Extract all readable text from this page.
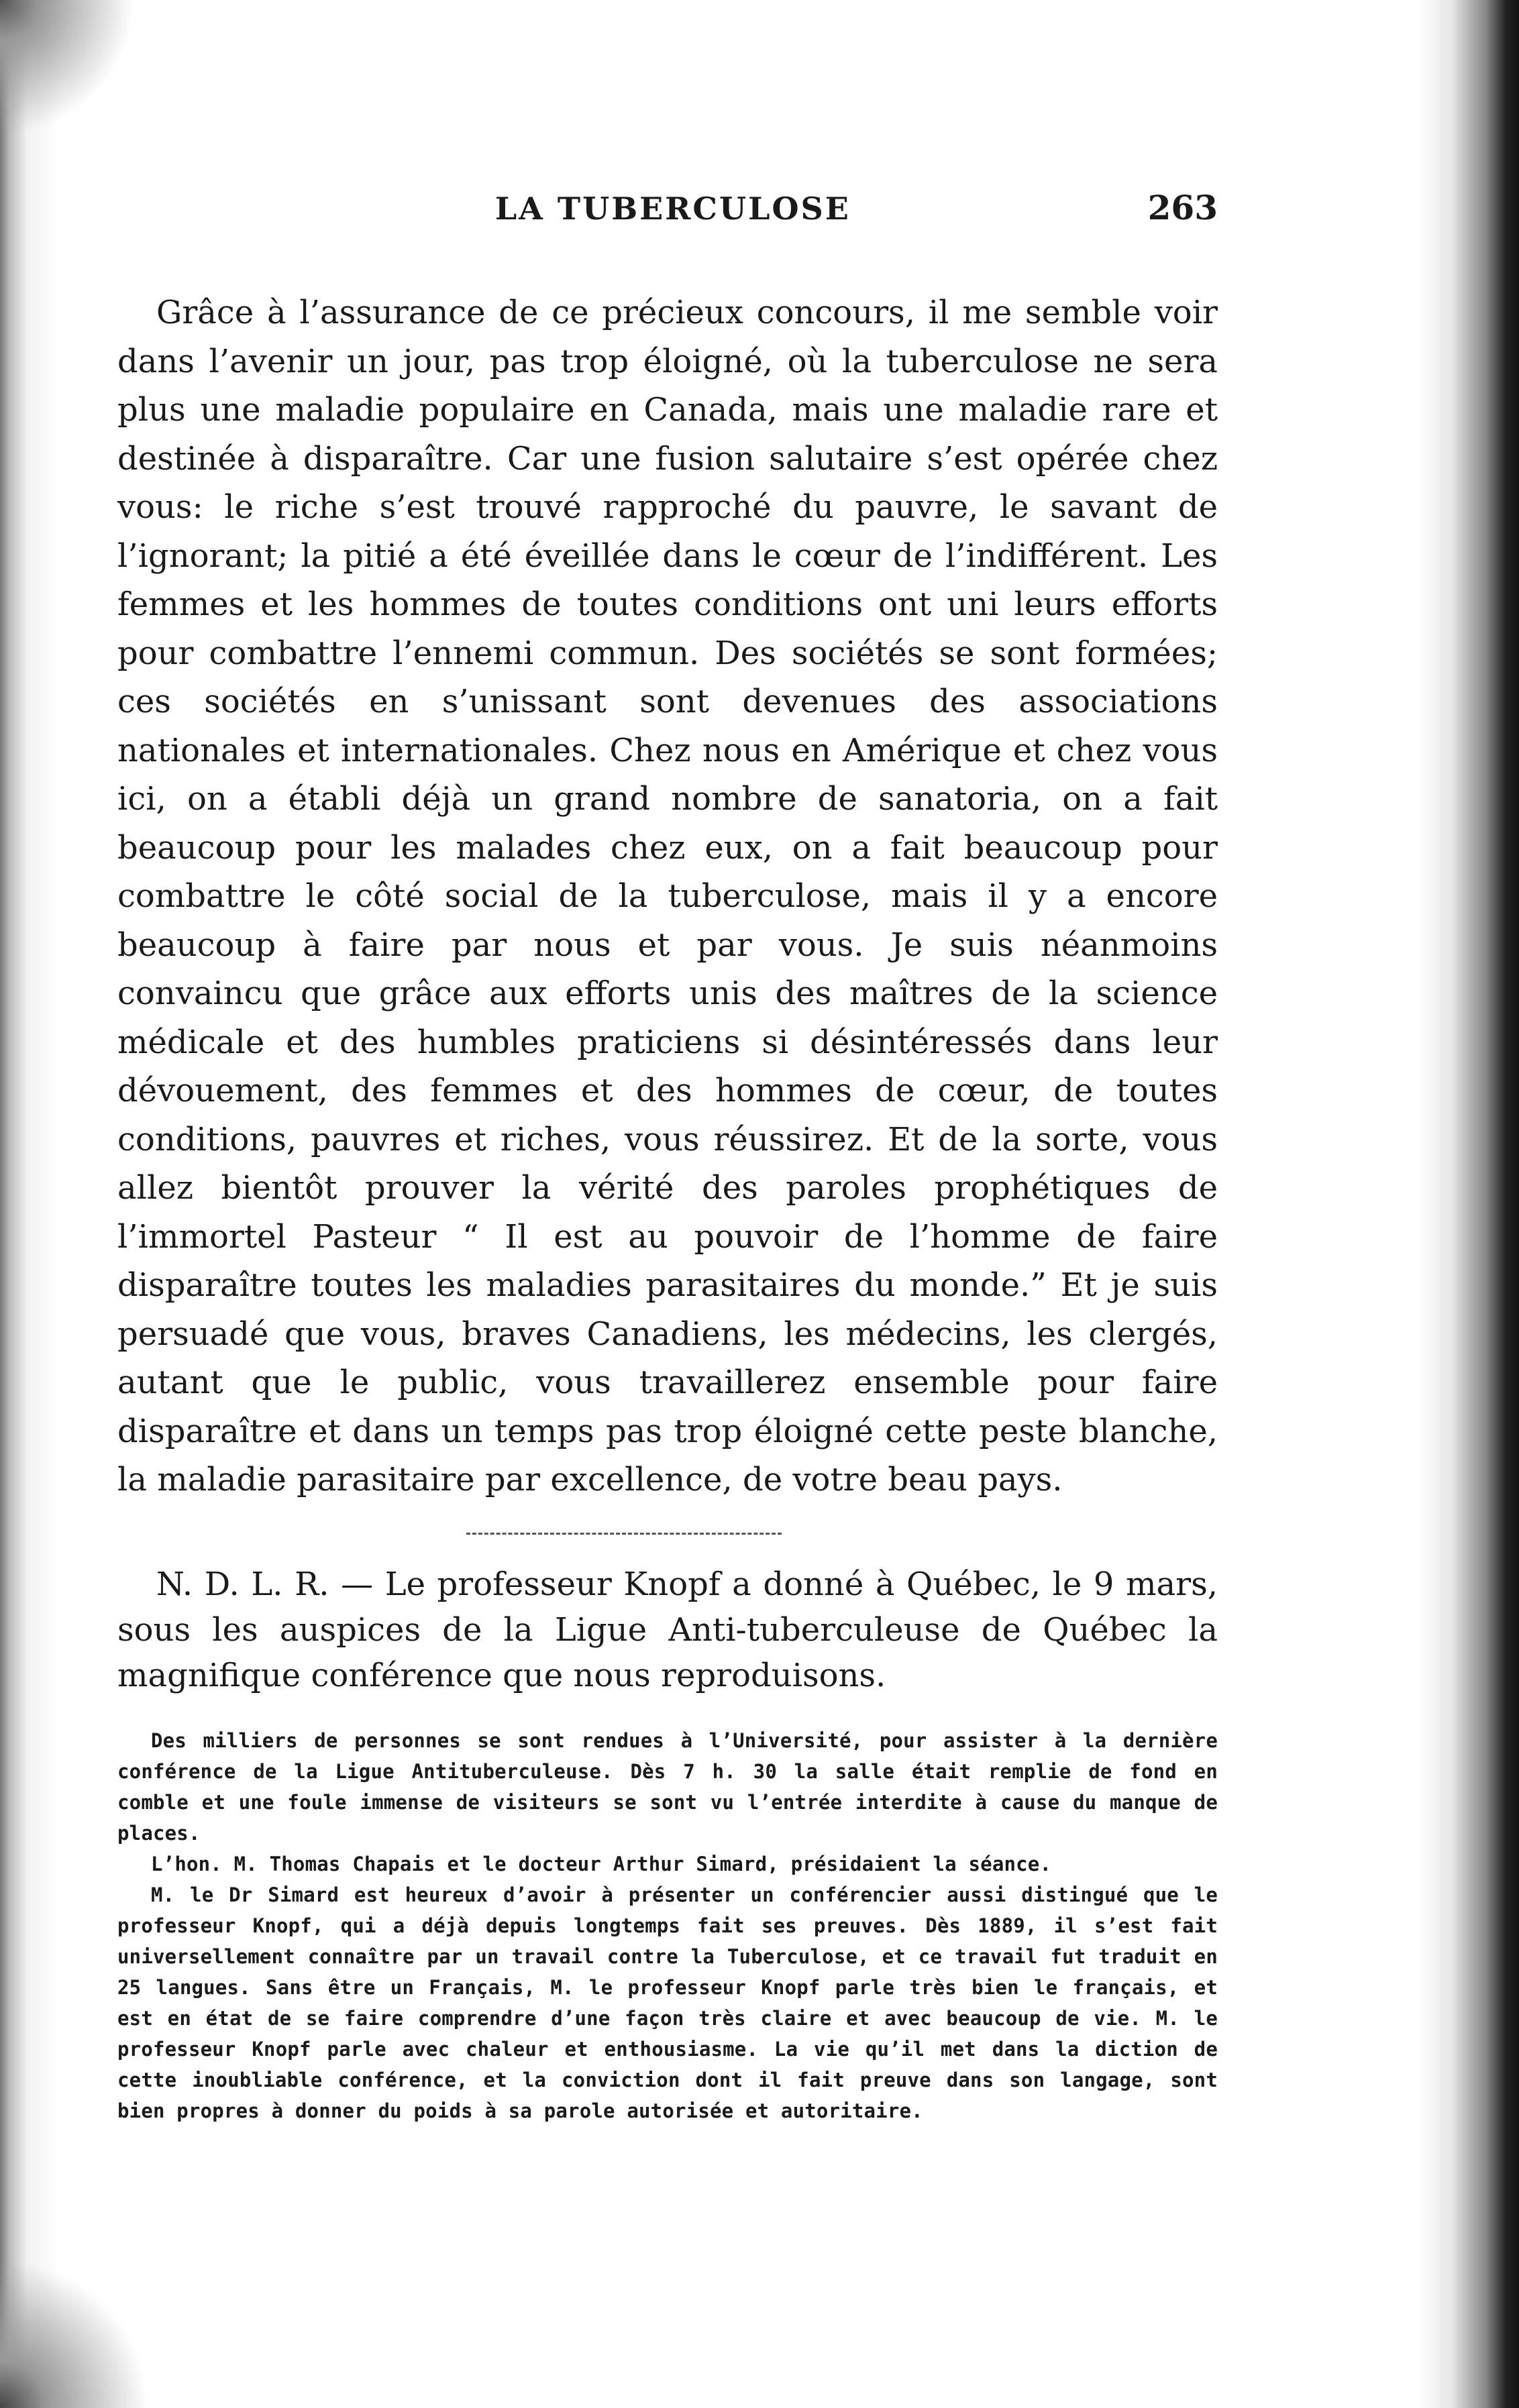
LA TUBERCULOSE	263

Grâce à l’assurance de ce précieux concours, il me semble voir dans l’avenir un jour, pas trop éloigné, où la tuberculose ne sera plus une maladie populaire en Canada, mais une maladie rare et destinée à disparaître. Car une fusion salutaire s’est opérée chez vous: le riche s’est trouvé rapproché du pauvre, le savant de l’ignorant; la pitié a été éveillée dans le cœur de l’indifférent. Les femmes et les hommes de toutes conditions ont uni leurs efforts pour combattre l’ennemi commun. Des sociétés se sont formées; ces sociétés en s’unissant sont devenues des associations nationales et internationales. Chez nous en Amérique et chez vous ici, on a établi déjà un grand nombre de sanatoria, on a fait beaucoup pour les malades chez eux, on a fait beaucoup pour combattre le côté social de la tuberculose, mais il y a encore beaucoup à faire par nous et par vous. Je suis néanmoins convaincu que grâce aux efforts unis des maîtres de la science médicale et des humbles praticiens si désintéressés dans leur dévouement, des femmes et des hommes de cœur, de toutes conditions, pauvres et riches, vous réussirez. Et de la sorte, vous allez bientôt prouver la vérité des paroles prophétiques de l’immortel Pasteur “ Il est au pouvoir de l’homme de faire disparaître toutes les maladies parasitaires du monde.” Et je suis persuadé que vous, braves Canadiens, les médecins, les clergés, autant que le public, vous travaillerez ensemble pour faire disparaître et dans un temps pas trop éloigné cette peste blanche, la maladie parasitaire par excellence, de votre beau pays.

N. D. L. R. — Le professeur Knopf a donné à Québec, le 9 mars, sous les auspices de la Ligue Anti-tuberculeuse de Québec la magnifique conférence que nous reproduisons.

Des milliers de personnes se sont rendues à l’Université, pour assister à la dernière conférence de la Ligue Antituberculeuse. Dès 7 h. 30 la salle était remplie de fond en comble et une foule immense de visiteurs se sont vu l’entrée interdite à cause du manque de places.

L’hon. M. Thomas Chapais et le docteur Arthur Simard, présidaient la séance.

M. le Dr Simard est heureux d’avoir à présenter un conférencier aussi distingué que le professeur Knopf, qui a déjà depuis longtemps fait ses preuves. Dès 1889, il s’est fait universellement connaître par un travail contre la Tuberculose, et ce travail fut traduit en 25 langues. Sans être un Français, M. le professeur Knopf parle très bien le français, et est en état de se faire comprendre d’une façon très claire et avec beaucoup de vie. M. le professeur Knopf parle avec chaleur et enthousiasme. La vie qu’il met dans la diction de cette inoubliable conférence, et la conviction dont il fait preuve dans son langage, sont bien propres à donner du poids à sa parole autorisée et autoritaire.
